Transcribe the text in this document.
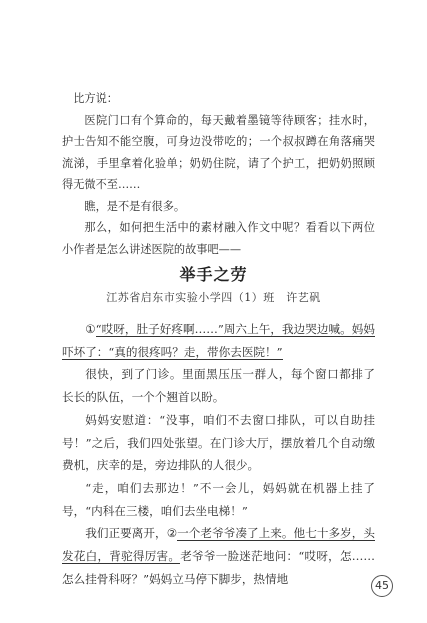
比方说：

医院门口有个算命的，每天戴着墨镜等待顾客；挂水时，护士告知不能空腹，可身边没带吃的；一个叔叔蹲在角落痛哭流涕，手里拿着化验单；奶奶住院，请了个护工，把奶奶照顾得无微不至……

瞧，是不是有很多。

那么，如何把生活中的素材融入作文中呢？看看以下两位小作者是怎么讲述医院的故事吧——

举手之劳
江苏省启东市实验小学四（1）班　许艺矾

①“哎呀，肚子好疼啊……”周六上午，我边哭边喊。妈妈吓坏了：“真的很疼吗？走，带你去医院！”

很快，到了门诊。里面黑压压一群人，每个窗口都排了长长的队伍，一个个翘首以盼。

妈妈安慰道：“没事，咱们不去窗口排队，可以自助挂号！”之后，我们四处张望。在门诊大厅，摆放着几个自动缴费机，庆幸的是，旁边排队的人很少。

“走，咱们去那边！”不一会儿，妈妈就在机器上挂了号，“内科在三楼，咱们去坐电梯！”

我们正要离开，②一个老爷爷凑了上来。他七十多岁，头发花白，背驼得厉害。老爷爷一脸迷茫地问：“哎呀，怎……怎么挂骨科呀？”妈妈立马停下脚步，热情地	45
